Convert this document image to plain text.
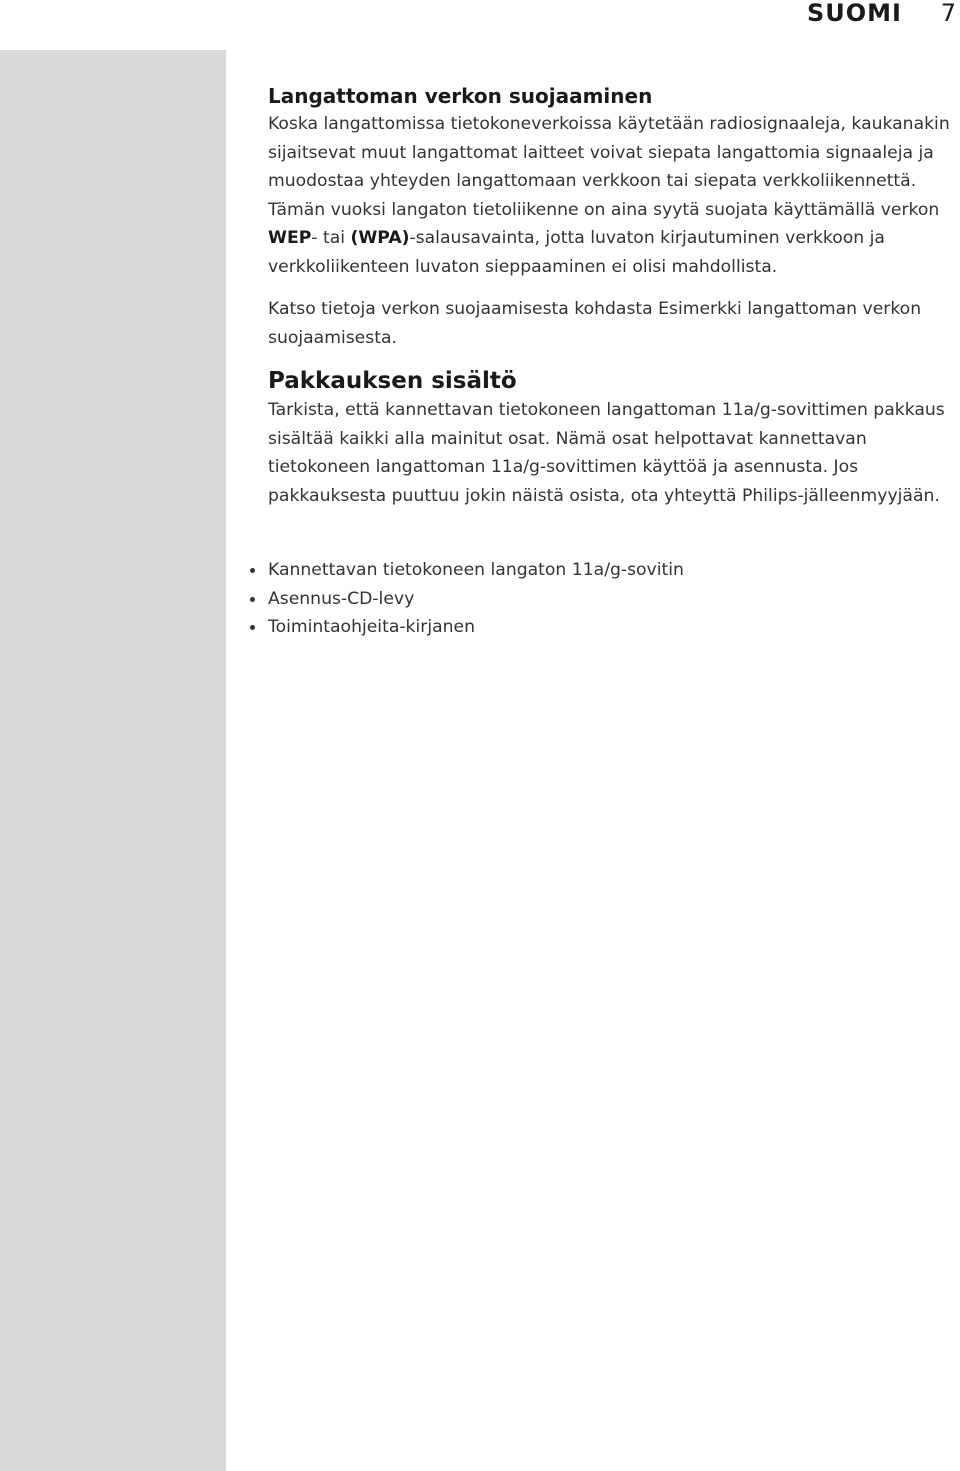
SUOMI 7
Langattoman verkon suojaaminen

Koska langattomissa tietokoneverkoissa käytetään radiosignaaleja, kaukanakin

sijaitsevat muut langattomat laitteet voivat siepata langattomia signaaleja ja

muodostaa yhteyden langattomaan verkkoon tai siepata verkkoliikennettä.

Tämän vuoksi langaton tietoliikenne on aina syytä suojata käyttämällä verkon

WEP- tai (WPA)-salausavainta, jotta luvaton kirjautuminen verkkoon ja

verkkoliikenteen luvaton sieppaaminen ei olisi mahdollista.

Katso tietoja verkon suojaamisesta kohdasta Esimerkki langattoman verkon

suojaamisesta.

Pakkauksen sisältö

Tarkista, että kannettavan tietokoneen langattoman 11a/g-sovittimen pakkaus

sisältää kaikki alla mainitut osat. Nämä osat helpottavat kannettavan

tietokoneen langattoman 11a/g-sovittimen käyttöä ja asennusta. Jos

pakkauksesta puuttuu jokin näistä osista, ota yhteyttä Philips-jälleenmyyjään.

Kannettavan tietokoneen langaton 11a/g-sovitin
Asennus-CD-levy
Toimintaohjeita-kirjanen
